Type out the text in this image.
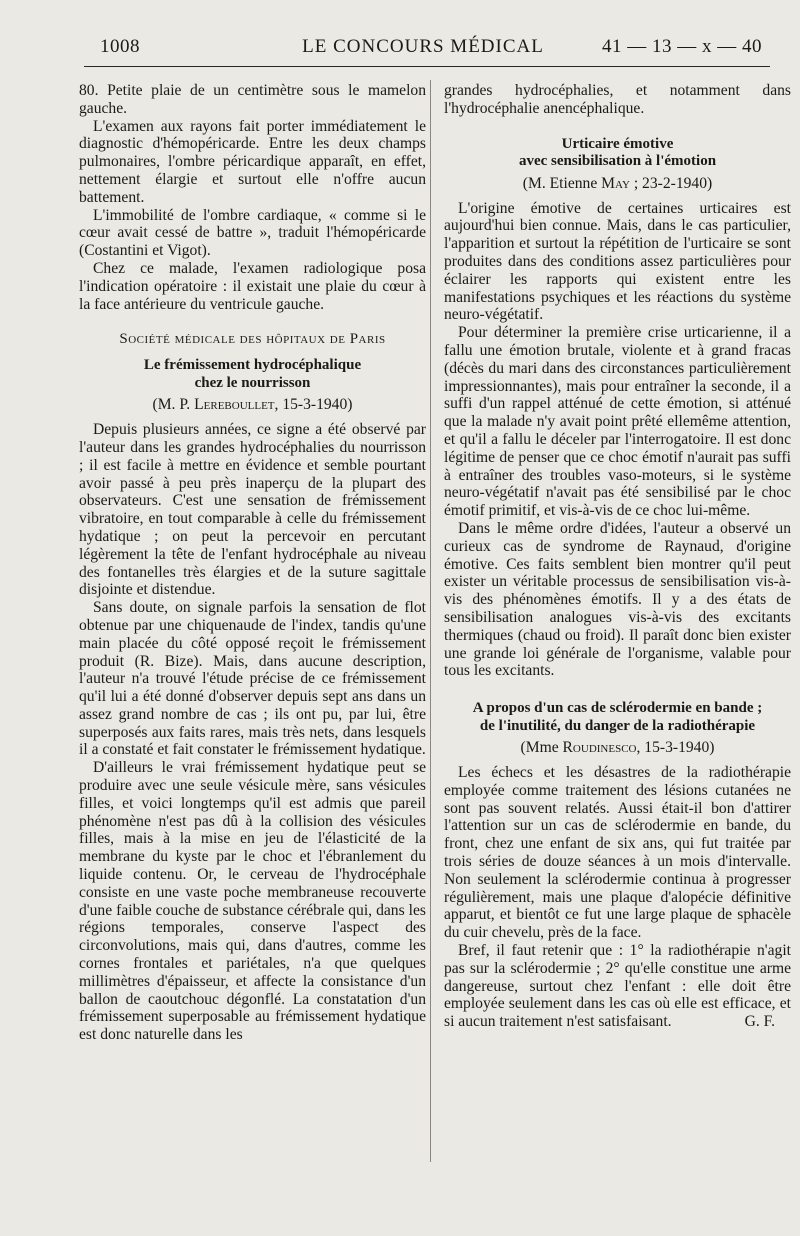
1008	LE CONCOURS MÉDICAL	41 — 13 — x — 40

80. Petite plaie de un centimètre sous le mamelon gauche.

L'examen aux rayons fait porter immédiatement le diagnostic d'hémopéricarde. Entre les deux champs pulmonaires, l'ombre péricardique apparaît, en effet, nettement élargie et surtout elle n'offre aucun battement.

L'immobilité de l'ombre cardiaque, « comme si le cœur avait cessé de battre », traduit l'hémopéricarde (Costantini et Vigot).

Chez ce malade, l'examen radiologique posa l'indication opératoire : il existait une plaie du cœur à la face antérieure du ventricule gauche.

Société médicale des hôpitaux de Paris
Le frémissement hydrocéphalique
chez le nourrisson
(M. P. Lereboullet, 15-3-1940)

Depuis plusieurs années, ce signe a été observé par l'auteur dans les grandes hydrocéphalies du nourrisson ; il est facile à mettre en évidence et semble pourtant avoir passé à peu près inaperçu de la plupart des observateurs. C'est une sensation de frémissement vibratoire, en tout comparable à celle du frémissement hydatique ; on peut la percevoir en percutant légèrement la tête de l'enfant hydrocéphale au niveau des fontanelles très élargies et de la suture sagittale disjointe et distendue.

Sans doute, on signale parfois la sensation de flot obtenue par une chiquenaude de l'index, tandis qu'une main placée du côté opposé reçoit le frémissement produit (R. Bize). Mais, dans aucune description, l'auteur n'a trouvé l'étude précise de ce frémissement qu'il lui a été donné d'observer depuis sept ans dans un assez grand nombre de cas ; ils ont pu, par lui, être superposés aux faits rares, mais très nets, dans lesquels il a constaté et fait constater le frémissement hydatique.

D'ailleurs le vrai frémissement hydatique peut se produire avec une seule vésicule mère, sans vésicules filles, et voici longtemps qu'il est admis que pareil phénomène n'est pas dû à la collision des vésicules filles, mais à la mise en jeu de l'élasticité de la membrane du kyste par le choc et l'ébranlement du liquide contenu. Or, le cerveau de l'hydrocéphale consiste en une vaste poche membraneuse recouverte d'une faible couche de substance cérébrale qui, dans les régions temporales, conserve l'aspect des circonvolutions, mais qui, dans d'autres, comme les cornes frontales et pariétales, n'a que quelques millimètres d'épaisseur, et affecte la consistance d'un ballon de caoutchouc dégonflé. La constatation d'un frémissement superposable au frémissement hydatique est donc naturelle dans les

grandes hydrocéphalies, et notamment dans l'hydrocéphalie anencéphalique.

Urticaire émotive
avec sensibilisation à l'émotion
(M. Etienne May ; 23-2-1940)

L'origine émotive de certaines urticaires est aujourd'hui bien connue. Mais, dans le cas particulier, l'apparition et surtout la répétition de l'urticaire se sont produites dans des conditions assez particulières pour éclairer les rapports qui existent entre les manifestations psychiques et les réactions du système neuro-végétatif.

Pour déterminer la première crise urticarienne, il a fallu une émotion brutale, violente et à grand fracas (décès du mari dans des circonstances particulièrement impressionnantes), mais pour entraîner la seconde, il a suffi d'un rappel atténué de cette émotion, si atténué que la malade n'y avait point prêté ellemême attention, et qu'il a fallu le déceler par l'interrogatoire. Il est donc légitime de penser que ce choc émotif n'aurait pas suffi à entraîner des troubles vaso-moteurs, si le système neuro-végétatif n'avait pas été sensibilisé par le choc émotif primitif, et vis-à-vis de ce choc lui-même.

Dans le même ordre d'idées, l'auteur a observé un curieux cas de syndrome de Raynaud, d'origine émotive. Ces faits semblent bien montrer qu'il peut exister un véritable processus de sensibilisation vis-à-vis des phénomènes émotifs. Il y a des états de sensibilisation analogues vis-à-vis des excitants thermiques (chaud ou froid). Il paraît donc bien exister une grande loi générale de l'organisme, valable pour tous les excitants.

A propos d'un cas de sclérodermie en bande ;
de l'inutilité, du danger de la radiothérapie
(Mme Roudinesco, 15-3-1940)

Les échecs et les désastres de la radiothérapie employée comme traitement des lésions cutanées ne sont pas souvent relatés. Aussi était-il bon d'attirer l'attention sur un cas de sclérodermie en bande, du front, chez une enfant de six ans, qui fut traitée par trois séries de douze séances à un mois d'intervalle. Non seulement la sclérodermie continua à progresser régulièrement, mais une plaque d'alopécie définitive apparut, et bientôt ce fut une large plaque de sphacèle du cuir chevelu, près de la face.

Bref, il faut retenir que : 1° la radiothérapie n'agit pas sur la sclérodermie ; 2° qu'elle constitue une arme dangereuse, surtout chez l'enfant : elle doit être employée seulement dans les cas où elle est efficace, et si aucun traitement n'est satisfaisant.	G. F.
